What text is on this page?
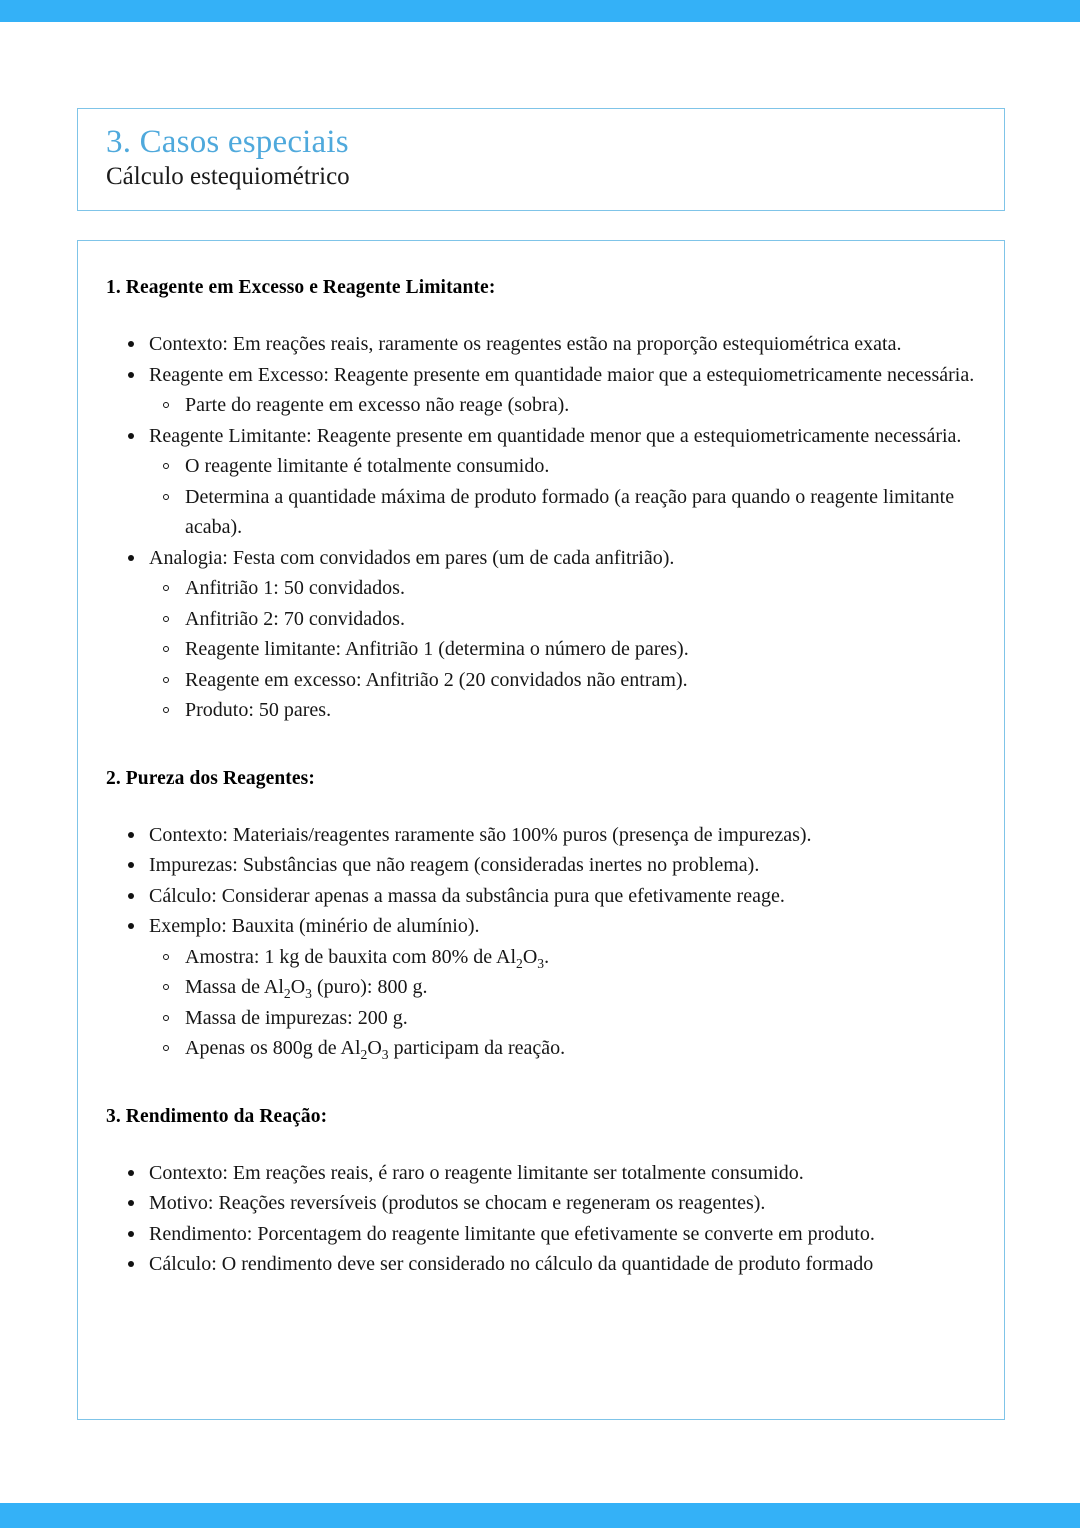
3. Casos especiais

Cálculo estequiométrico

1. Reagente em Excesso e Reagente Limitante:
Contexto: Em reações reais, raramente os reagentes estão na proporção estequiométrica exata.
Reagente em Excesso: Reagente presente em quantidade maior que a estequiometricamente necessária.
Parte do reagente em excesso não reage (sobra).
Reagente Limitante: Reagente presente em quantidade menor que a estequiometricamente necessária.
O reagente limitante é totalmente consumido.
Determina a quantidade máxima de produto formado (a reação para quando o reagente limitante acaba).
Analogia: Festa com convidados em pares (um de cada anfitrião).
Anfitrião 1: 50 convidados.
Anfitrião 2: 70 convidados.
Reagente limitante: Anfitrião 1 (determina o número de pares).
Reagente em excesso: Anfitrião 2 (20 convidados não entram).
Produto: 50 pares.
2. Pureza dos Reagentes:
Contexto: Materiais/reagentes raramente são 100% puros (presença de impurezas).
Impurezas: Substâncias que não reagem (consideradas inertes no problema).
Cálculo: Considerar apenas a massa da substância pura que efetivamente reage.
Exemplo: Bauxita (minério de alumínio).
Amostra: 1 kg de bauxita com 80% de $Al_2O_3$.
Massa de $Al_2O_3$ (puro): 800 g.
Massa de impurezas: 200 g.
Apenas os 800g de $Al_2O_3$ participam da reação.
3. Rendimento da Reação:
Contexto: Em reações reais, é raro o reagente limitante ser totalmente consumido.
Motivo: Reações reversíveis (produtos se chocam e regeneram os reagentes).
Rendimento: Porcentagem do reagente limitante que efetivamente se converte em produto.
Cálculo: O rendimento deve ser considerado no cálculo da quantidade de produto formado
